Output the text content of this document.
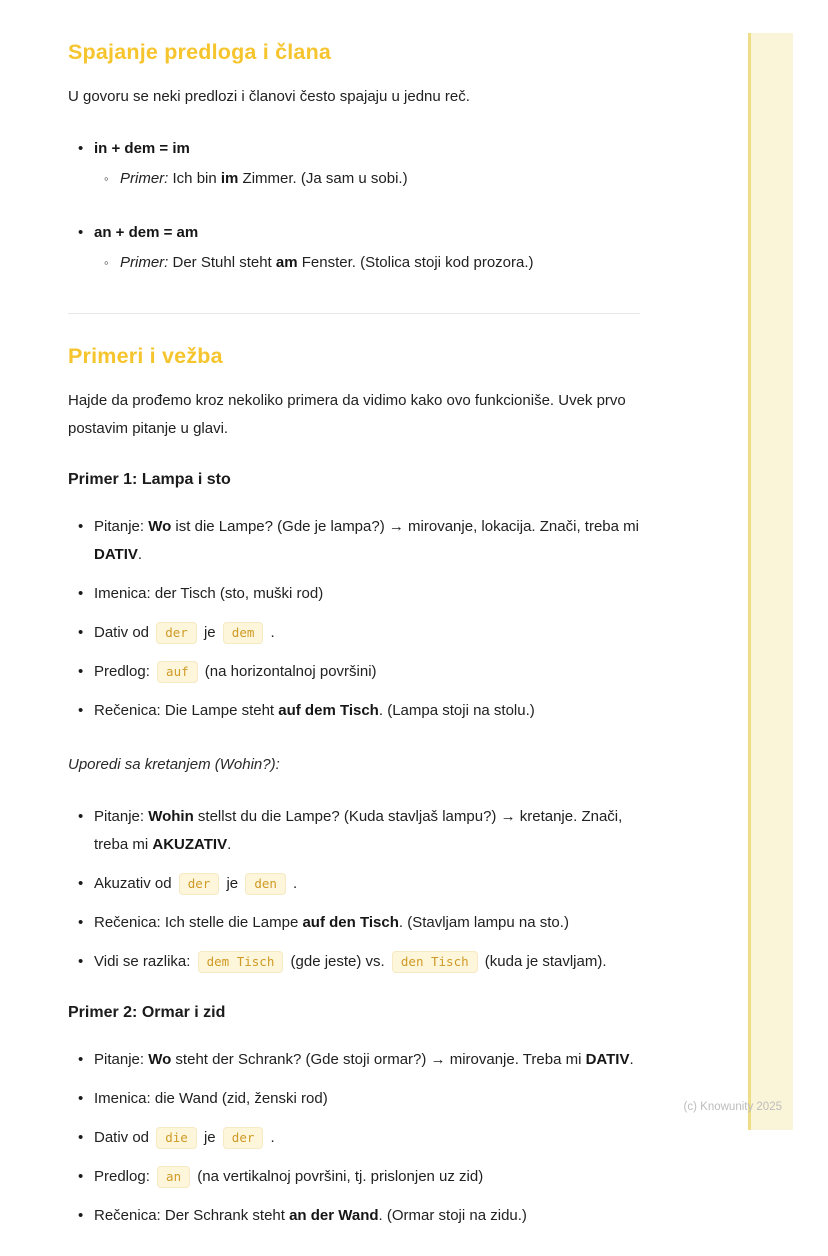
Spajanje predloga i člana

U govoru se neki predlozi i članovi često spajaju u jednu reč.

• in + dem = im
◦ Primer: Ich bin im Zimmer. (Ja sam u sobi.)
• an + dem = am
◦ Primer: Der Stuhl steht am Fenster. (Stolica stoji kod prozora.)
Primeri i vežba

Hajde da prođemo kroz nekoliko primera da vidimo kako ovo funkcioniše. Uvek prvo postavim pitanje u glavi.

Primer 1: Lampa i sto
• Pitanje: Wo ist die Lampe? (Gde je lampa?) → mirovanje, lokacija. Znači, treba mi DATIV.
• Imenica: der Tisch (sto, muški rod)
• Dativ od der je dem .
• Predlog: auf (na horizontalnoj površini)
• Rečenica: Die Lampe steht auf dem Tisch. (Lampa stoji na stolu.)

Uporedi sa kretanjem (Wohin?):

• Pitanje: Wohin stellst du die Lampe? (Kuda stavljaš lampu?) → kretanje. Znači, treba mi AKUZATIV.
• Akuzativ od der je den .
• Rečenica: Ich stelle die Lampe auf den Tisch. (Stavljam lampu na sto.)
• Vidi se razlika: dem Tisch (gde jeste) vs. den Tisch (kuda je stavljam).
Primer 2: Ormar i zid
• Pitanje: Wo steht der Schrank? (Gde stoji ormar?) → mirovanje. Treba mi DATIV.
• Imenica: die Wand (zid, ženski rod)
• Dativ od die je der .
• Predlog: an (na vertikalnoj površini, tj. prislonjen uz zid)
• Rečenica: Der Schrank steht an der Wand. (Ormar stoji na zidu.)
(c) Knowunity 2025
